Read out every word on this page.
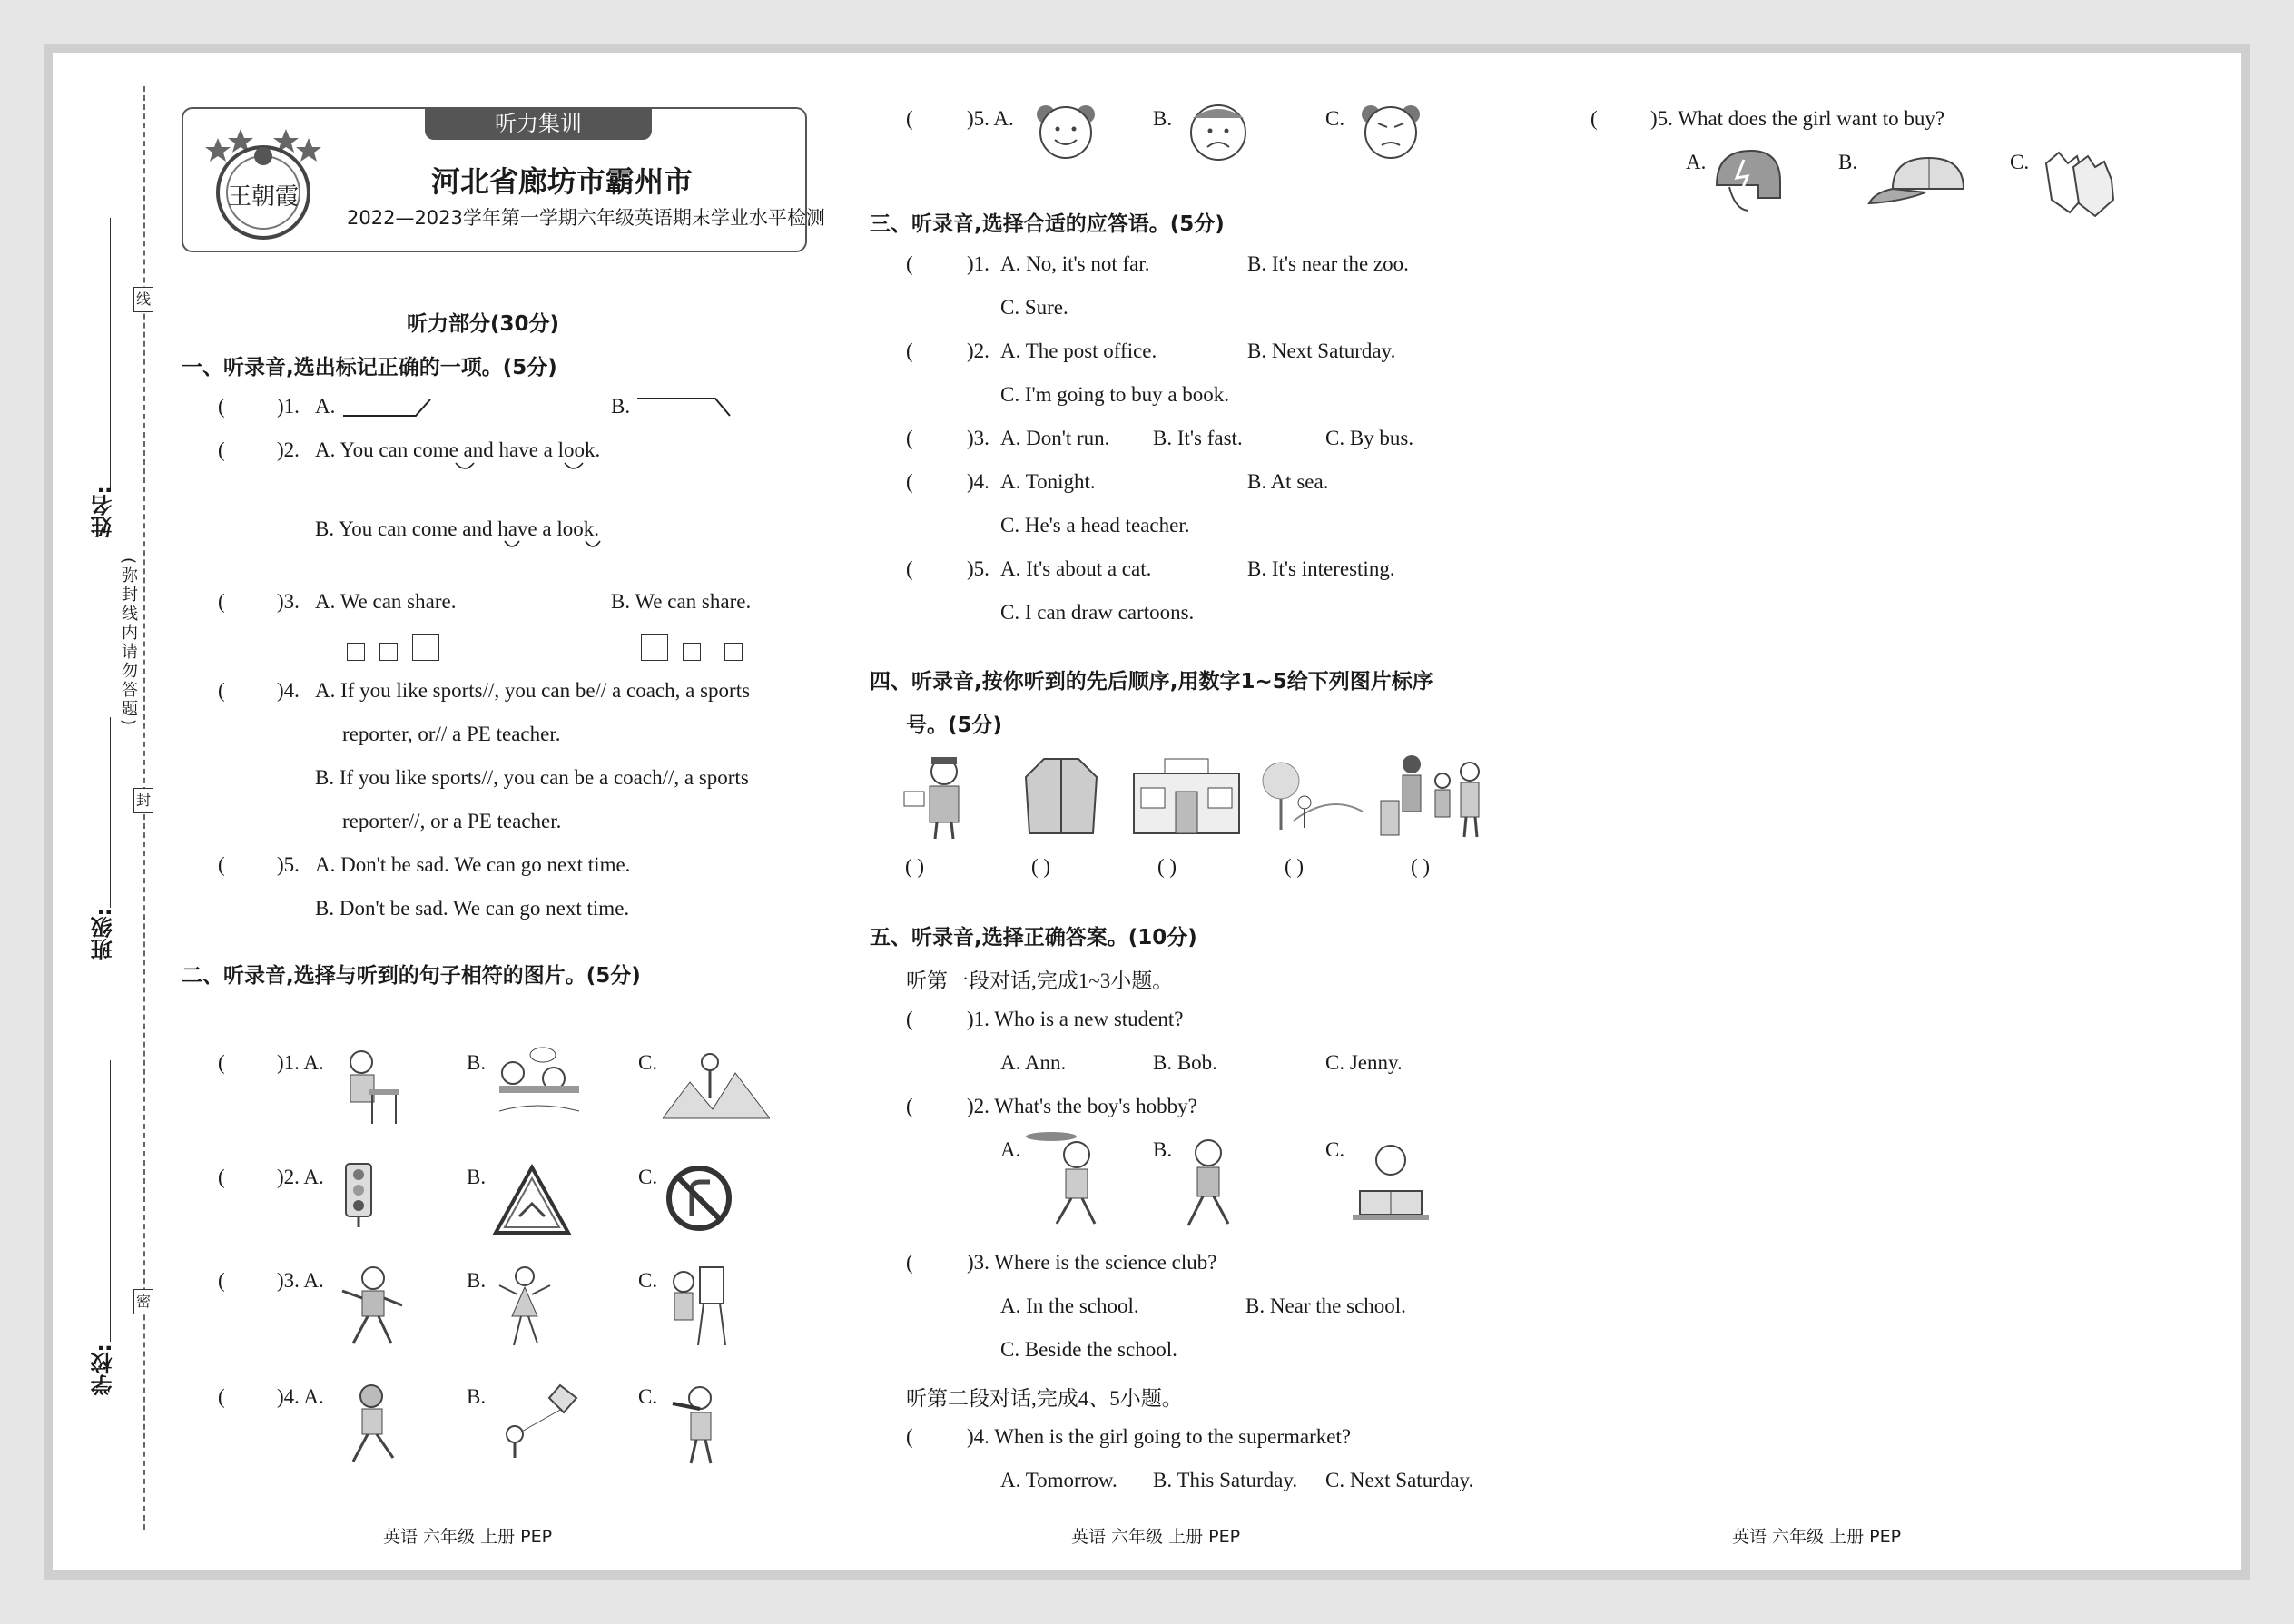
线
封
密
(弥封线内请勿答题)
姓名:
班级:
学校:
听力集训
王朝霞	河北省廊坊市霸州市
2022—2023学年第一学期六年级英语期末学业水平检测
听力部分(30分)
一、听录音,选出标记正确的一项。(5分)
( )1. A.	B.
( )2. A. You can come and have a look.
B. You can come and have a look.
( )3. A. We can share.	B. We can share.
( )4. A. If you like sports//, you can be// a coach, a sports
reporter, or// a PE teacher.
B. If you like sports//, you can be a coach//, a sports
reporter//, or a PE teacher.
( )5. A. Don't be sad. We can go next time.
B. Don't be sad. We can go next time.
二、听录音,选择与听到的句子相符的图片。(5分)
( )1. A.	B.	C.
( )2. A.	B.	C.
( )3. A.	B.	C.
( )4. A.	B.	C.
英语 六年级 上册 PEP
(	)5. A.	B.	C.
三、听录音,选择合适的应答语。(5分)
(	)1. A. No, it's not far.	B. It's near the zoo.
C. Sure.
(	)2. A. The post office.	B. Next Saturday.
C. I'm going to buy a book.
(	)3. A. Don't run. B. It's fast.	C. By bus.
(	)4. A. Tonight.	B. At sea.
C. He's a head teacher.
(	)5. A. It's about a cat.	B. It's interesting.
C. I can draw cartoons.
四、听录音,按你听到的先后顺序,用数字1~5给下列图片标序
号。(5分)
( )	( )	( )	( )	( )
五、听录音,选择正确答案。(10分)
听第一段对话,完成1~3小题。
(	)1. Who is a new student?
A. Ann.	B. Bob.	C. Jenny.
(	)2. What's the boy's hobby?
A.	B.	C.
(	)3. Where is the science club?
A. In the school.	B. Near the school.
C. Beside the school.
听第二段对话,完成4、5小题。
(	)4. When is the girl going to the supermarket?
A. Tomorrow. B. This Saturday. C. Next Saturday.
英语 六年级 上册 PEP
(	)5. What does the girl want to buy?
A.	B.	C.
英语 六年级 上册 PEP
